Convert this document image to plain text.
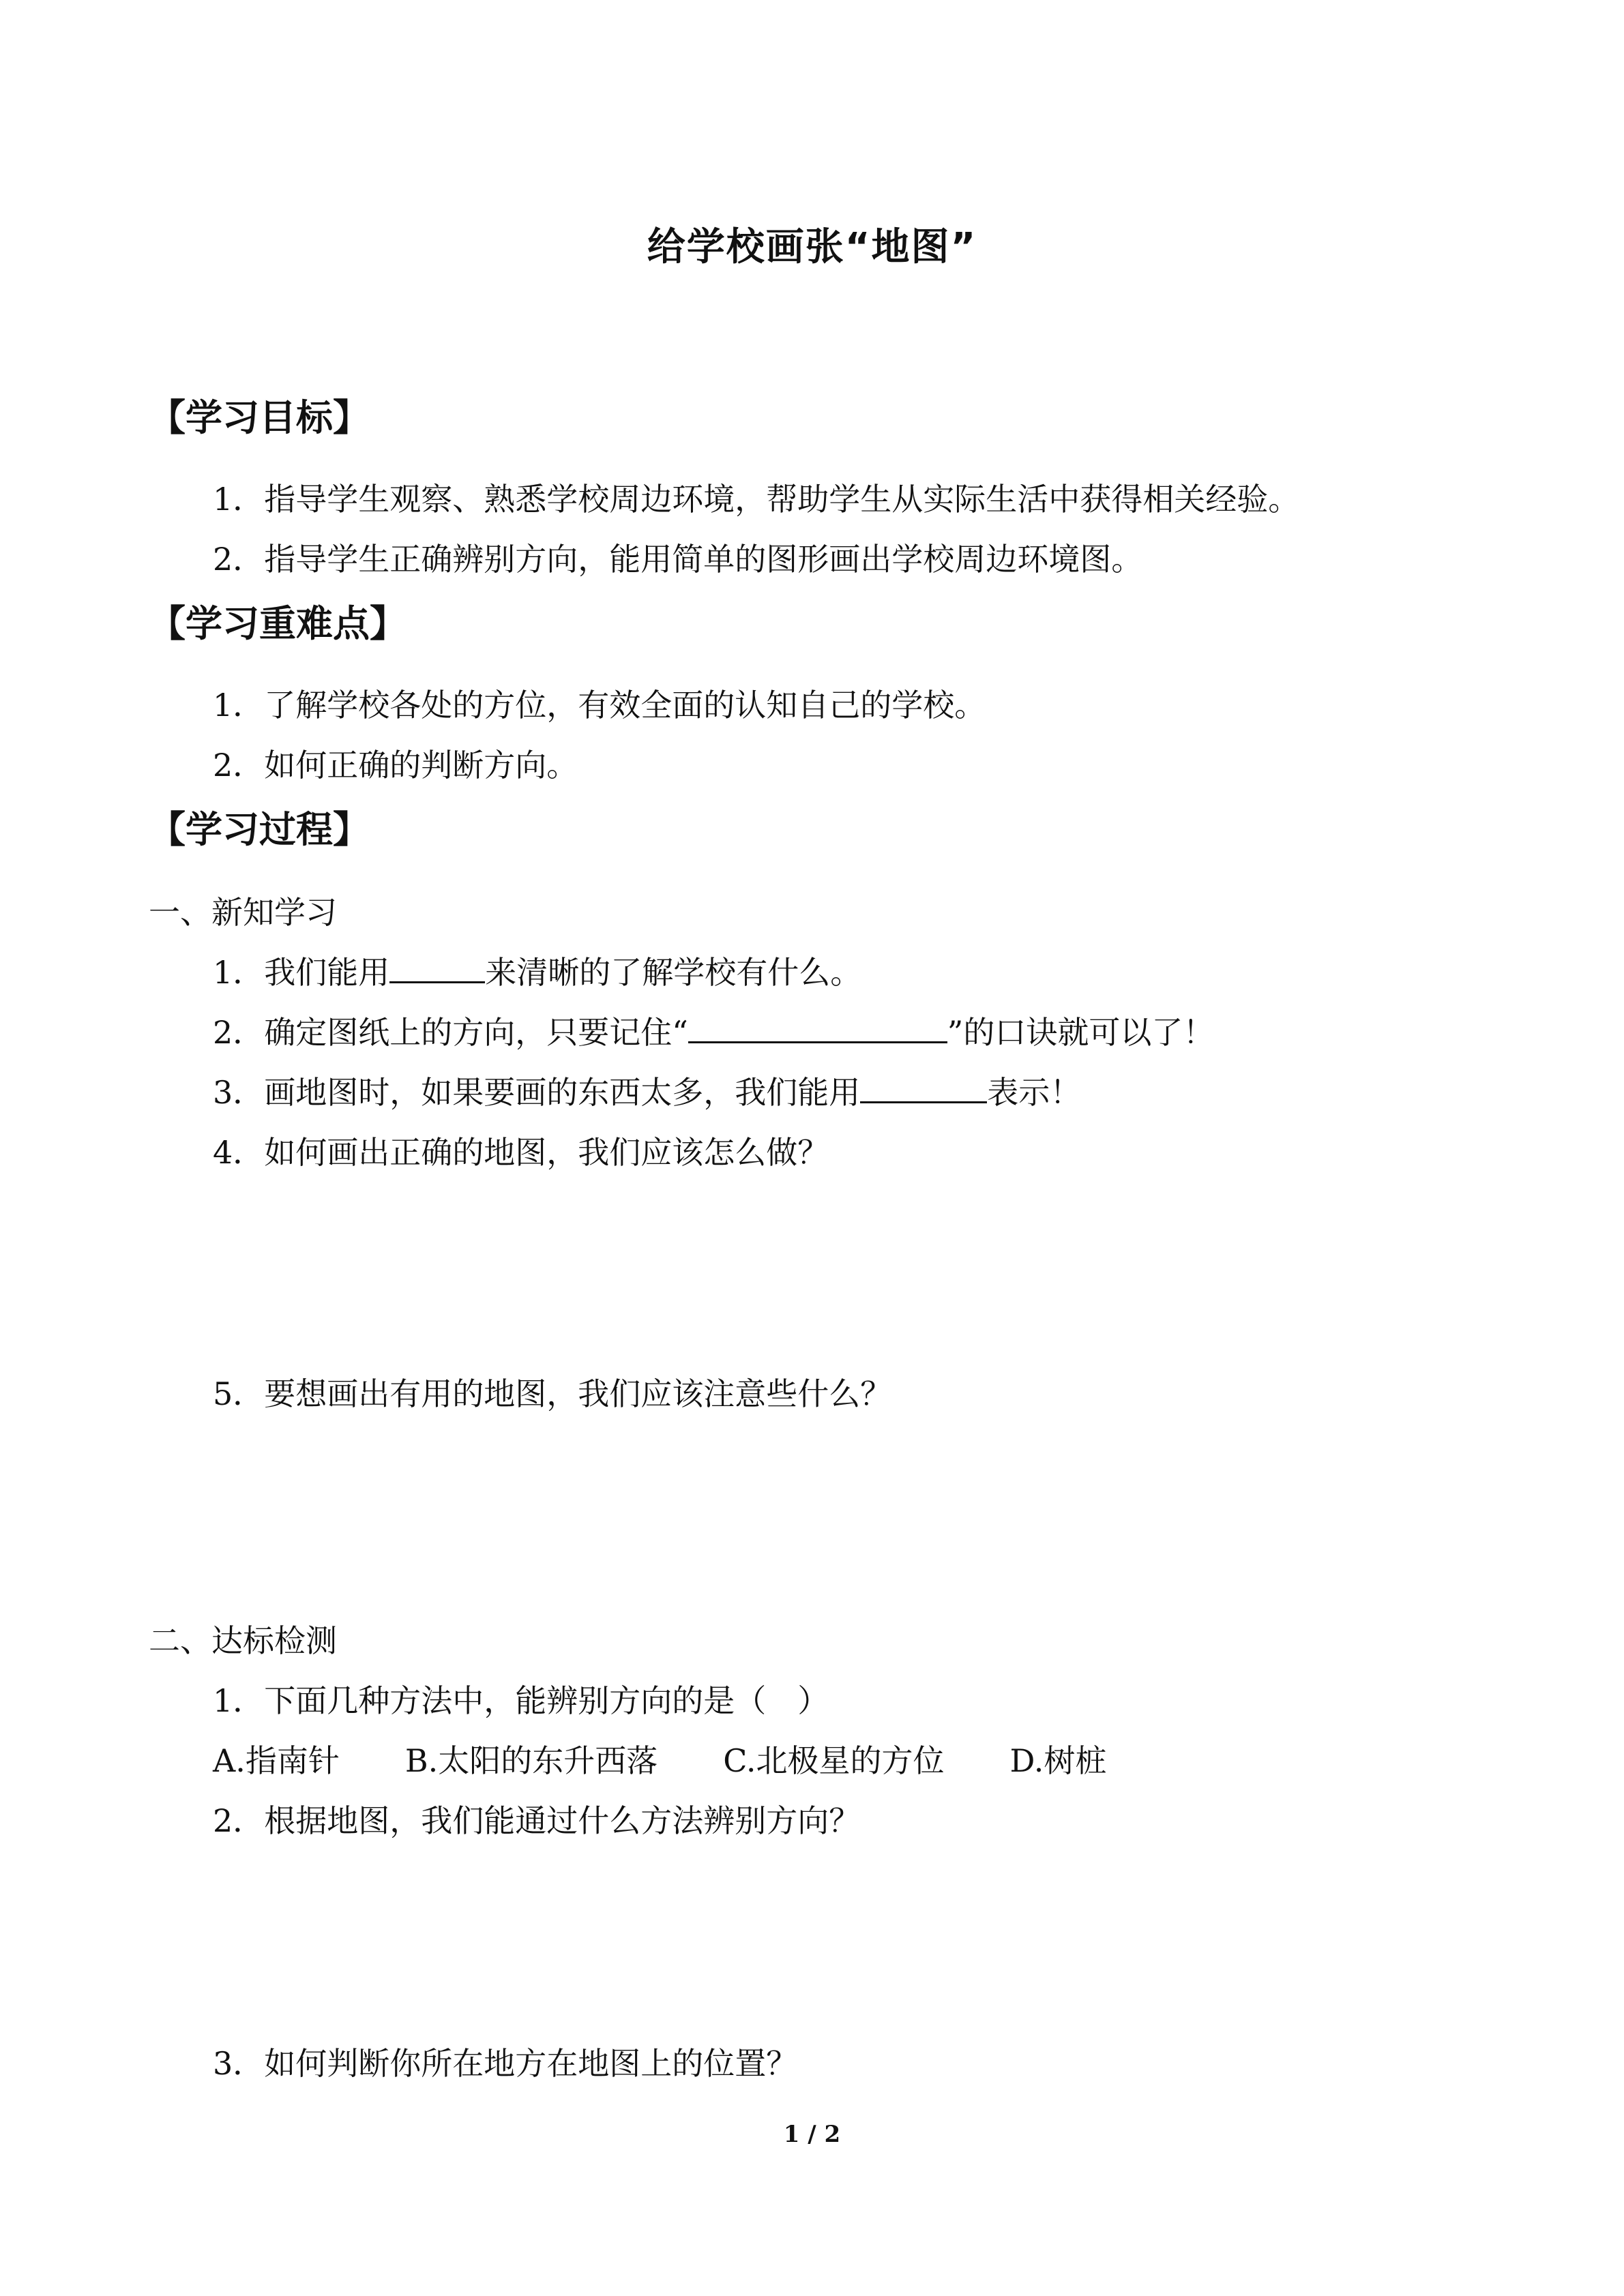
给学校画张“地图”
【学习目标】
1．指导学生观察、熟悉学校周边环境，帮助学生从实际生活中获得相关经验。
2．指导学生正确辨别方向，能用简单的图形画出学校周边环境图。
【学习重难点】
1．了解学校各处的方位，有效全面的认知自己的学校。
2．如何正确的判断方向。
【学习过程】
一、新知学习
1．我们能用	来清晰的了解学校有什么。
2．确定图纸上的方向，只要记住“	”的口诀就可以了！
3．画地图时，如果要画的东西太多，我们能用	表示！
4．如何画出正确的地图，我们应该怎么做？
5．要想画出有用的地图，我们应该注意些什么？
二、达标检测
1．下面几种方法中，能辨别方向的是（　）
A.指南针 B.太阳的东升西落 C.北极星的方位 D.树桩
2．根据地图，我们能通过什么方法辨别方向？
3．如何判断你所在地方在地图上的位置？
1 / 2
